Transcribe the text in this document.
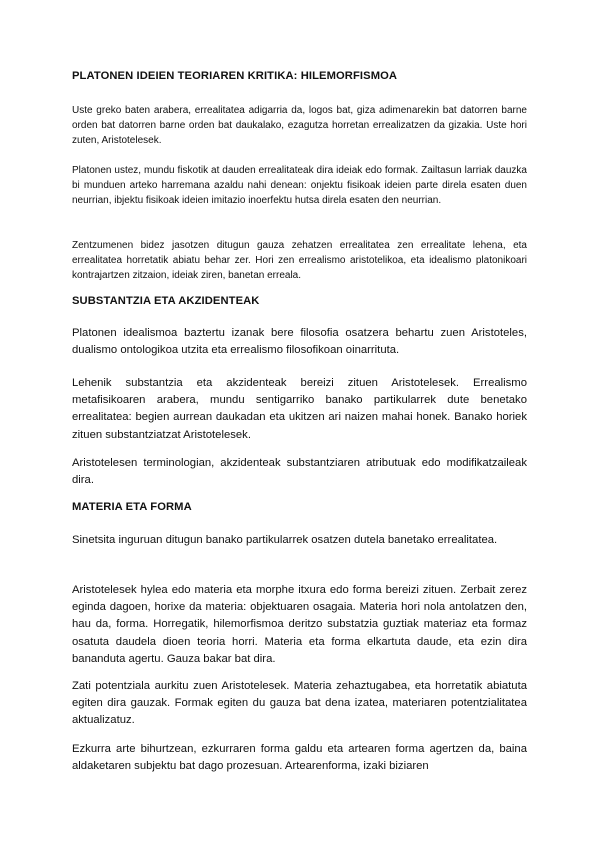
PLATONEN IDEIEN TEORIAREN KRITIKA: HILEMORFISMOA

Uste greko baten arabera, errealitatea adigarria da, logos bat, giza adimenarekin bat datorren barne orden bat datorren barne orden bat daukalako, ezagutza horretan errealizatzen da gizakia. Uste hori zuten, Aristotelesek.

Platonen ustez, mundu fiskotik at dauden errealitateak dira ideiak edo formak. Zailtasun larriak dauzka bi munduen arteko harremana azaldu nahi denean: onjektu fisikoak ideien parte direla esaten duen neurrian, ibjektu fisikoak ideien imitazio inoerfektu hutsa direla esaten den neurrian.

Zentzumenen bidez jasotzen ditugun gauza zehatzen errealitatea zen errealitate lehena, eta errealitatea horretatik abiatu behar zer. Hori zen errealismo aristotelikoa, eta idealismo platonikoari kontrajartzen zitzaion, ideiak ziren, banetan erreala.

SUBSTANTZIA ETA AKZIDENTEAK

Platonen idealismoa baztertu izanak bere filosofia osatzera behartu zuen Aristoteles, dualismo ontologikoa utzita eta errealismo filosofikoan oinarrituta.

Lehenik substantzia eta akzidenteak bereizi zituen Aristotelesek. Errealismo metafisikoaren arabera, mundu sentigarriko banako partikularrek dute benetako errealitatea: begien aurrean daukadan eta ukitzen ari naizen mahai honek. Banako horiek zituen substantziatzat Aristotelesek.

Aristotelesen terminologian, akzidenteak substantziaren atributuak edo modifikatzaileak dira.

MATERIA ETA FORMA

Sinetsita inguruan ditugun banako partikularrek osatzen dutela banetako errealitatea.

Aristotelesek hylea edo materia eta morphe itxura edo forma bereizi zituen. Zerbait zerez egindа dagoen, horixe da materia: objektuaren osagaia. Materia hori nola antolatzen den, hau da, forma. Horregatik, hilemorfismoa deritzo substatzia guztiak materiaz eta formaz osatuta daudela dioen teoria horri. Materia eta forma elkartuta daude, eta ezin dira bananduta agertu. Gauza bakar bat dira.

Zati potentziala aurkitu zuen Aristotelesek. Materia zehaztugabea, eta horretatik abiatuta egiten dira gauzak. Formak egiten du gauza bat dena izatea, materiaren potentzialitatea aktualizatuz.

Ezkurra arte bihurtzean, ezkurraren forma galdu eta artearen forma agertzen da, baina aldaketaren subjektu bat dago prozesuan. Artearenforma, izaki biziaren
